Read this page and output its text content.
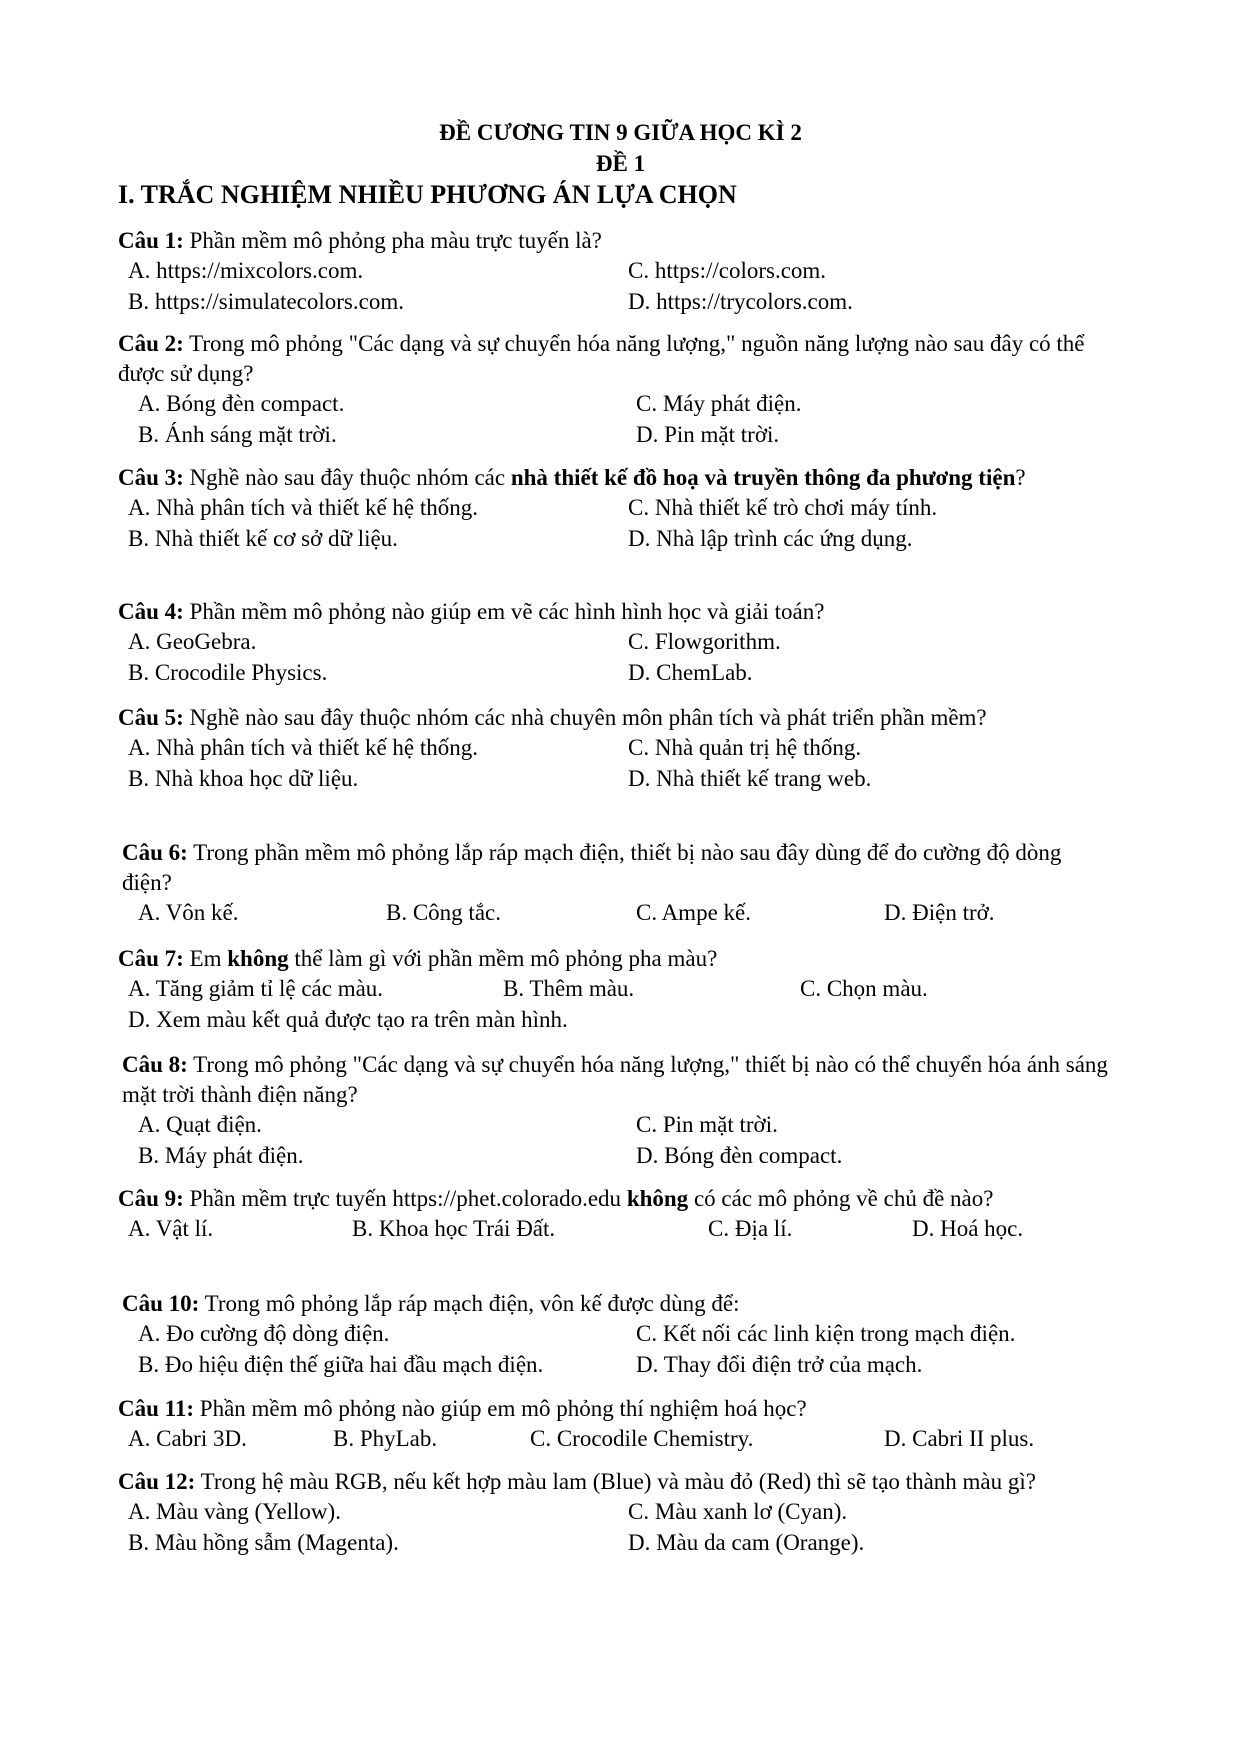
ĐỀ CƯƠNG TIN 9 GIỮA HỌC KÌ 2
ĐỀ 1
I. TRẮC NGHIỆM NHIỀU PHƯƠNG ÁN LỰA CHỌN

Câu 1: Phần mềm mô phỏng pha màu trực tuyến là?

A. https://mixcolors.com.	C. https://colors.com.
B. https://simulatecolors.com.	D. https://trycolors.com.

Câu 2: Trong mô phỏng "Các dạng và sự chuyển hóa năng lượng," nguồn năng lượng nào sau đây có thể được sử dụng?

A. Bóng đèn compact.	C. Máy phát điện.
B. Ánh sáng mặt trời.	D. Pin mặt trời.

Câu 3: Nghề nào sau đây thuộc nhóm các nhà thiết kế đồ hoạ và truyền thông đa phương tiện?

A. Nhà phân tích và thiết kế hệ thống.	C. Nhà thiết kế trò chơi máy tính.
B. Nhà thiết kế cơ sở dữ liệu.	D. Nhà lập trình các ứng dụng.

Câu 4: Phần mềm mô phỏng nào giúp em vẽ các hình hình học và giải toán?

A. GeoGebra.	C. Flowgorithm.
B. Crocodile Physics.	D. ChemLab.

Câu 5: Nghề nào sau đây thuộc nhóm các nhà chuyên môn phân tích và phát triển phần mềm?

A. Nhà phân tích và thiết kế hệ thống.	C. Nhà quản trị hệ thống.
B. Nhà khoa học dữ liệu.	D. Nhà thiết kế trang web.

Câu 6: Trong phần mềm mô phỏng lắp ráp mạch điện, thiết bị nào sau đây dùng để đo cường độ dòng điện?

A. Vôn kế.	B. Công tắc.	C. Ampe kế.	D. Điện trở.

Câu 7: Em không thể làm gì với phần mềm mô phỏng pha màu?

A. Tăng giảm tỉ lệ các màu.	B. Thêm màu.	C. Chọn màu.
D. Xem màu kết quả được tạo ra trên màn hình.

Câu 8: Trong mô phỏng "Các dạng và sự chuyển hóa năng lượng," thiết bị nào có thể chuyển hóa ánh sáng mặt trời thành điện năng?

A. Quạt điện.	C. Pin mặt trời.
B. Máy phát điện.	D. Bóng đèn compact.

Câu 9: Phần mềm trực tuyến https://phet.colorado.edu không có các mô phỏng về chủ đề nào?

A. Vật lí.	B. Khoa học Trái Đất.	C. Địa lí.	D. Hoá học.

Câu 10: Trong mô phỏng lắp ráp mạch điện, vôn kế được dùng để:

A. Đo cường độ dòng điện.	C. Kết nối các linh kiện trong mạch điện.
B. Đo hiệu điện thế giữa hai đầu mạch điện.	D. Thay đổi điện trở của mạch.

Câu 11: Phần mềm mô phỏng nào giúp em mô phỏng thí nghiệm hoá học?

A. Cabri 3D.	B. PhyLab.	C. Crocodile Chemistry.	D. Cabri II plus.

Câu 12: Trong hệ màu RGB, nếu kết hợp màu lam (Blue) và màu đỏ (Red) thì sẽ tạo thành màu gì?

A. Màu vàng (Yellow).	C. Màu xanh lơ (Cyan).
B. Màu hồng sẫm (Magenta).	D. Màu da cam (Orange).
